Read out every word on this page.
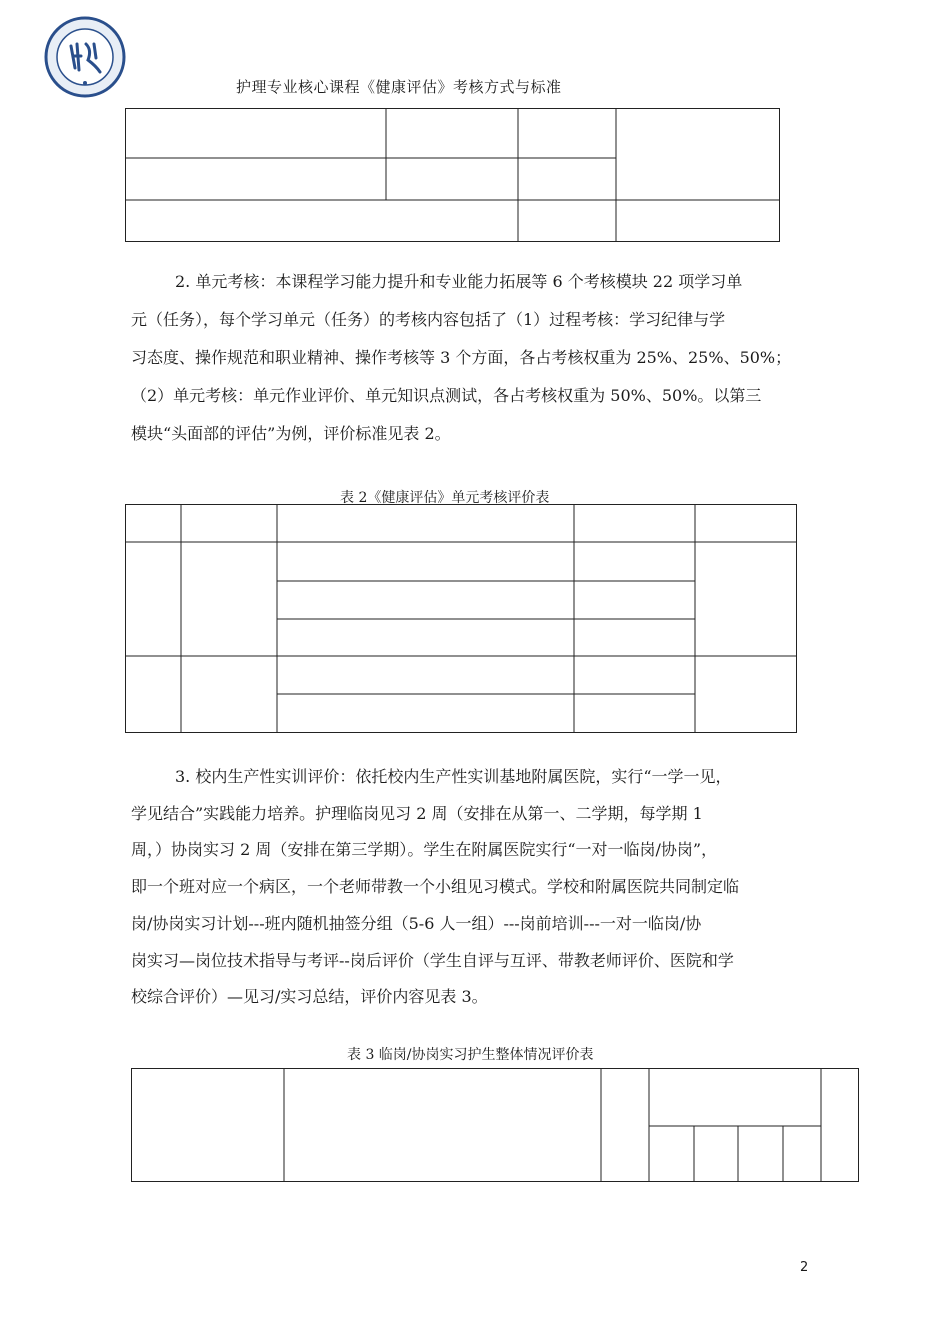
护理专业核心课程《健康评估》考核方式与标准
2. 单元考核：本课程学习能力提升和专业能力拓展等 6 个考核模块 22 项学习单
元（任务），每个学习单元（任务）的考核内容包括了（1）过程考核：学习纪律与学
习态度、操作规范和职业精神、操作考核等 3 个方面，各占考核权重为 25%、25%、50%；
（2）单元考核：单元作业评价、单元知识点测试，各占考核权重为 50%、50%。以第三
模块“头面部的评估”为例，评价标准见表 2。
表 2《健康评估》单元考核评价表
3. 校内生产性实训评价：依托校内生产性实训基地附属医院，实行“一学一见，
学见结合”实践能力培养。护理临岗见习 2 周（安排在从第一、二学期，每学期 1
周，）协岗实习 2 周（安排在第三学期）。学生在附属医院实行“一对一临岗/协岗”，
即一个班对应一个病区，一个老师带教一个小组见习模式。学校和附属医院共同制定临
岗/协岗实习计划---班内随机抽签分组（5-6 人一组）---岗前培训---一对一临岗/协
岗实习—岗位技术指导与考评--岗后评价（学生自评与互评、带教老师评价、医院和学
校综合评价）—见习/实习总结，评价内容见表 3。
表 3 临岗/协岗实习护生整体情况评价表
2
